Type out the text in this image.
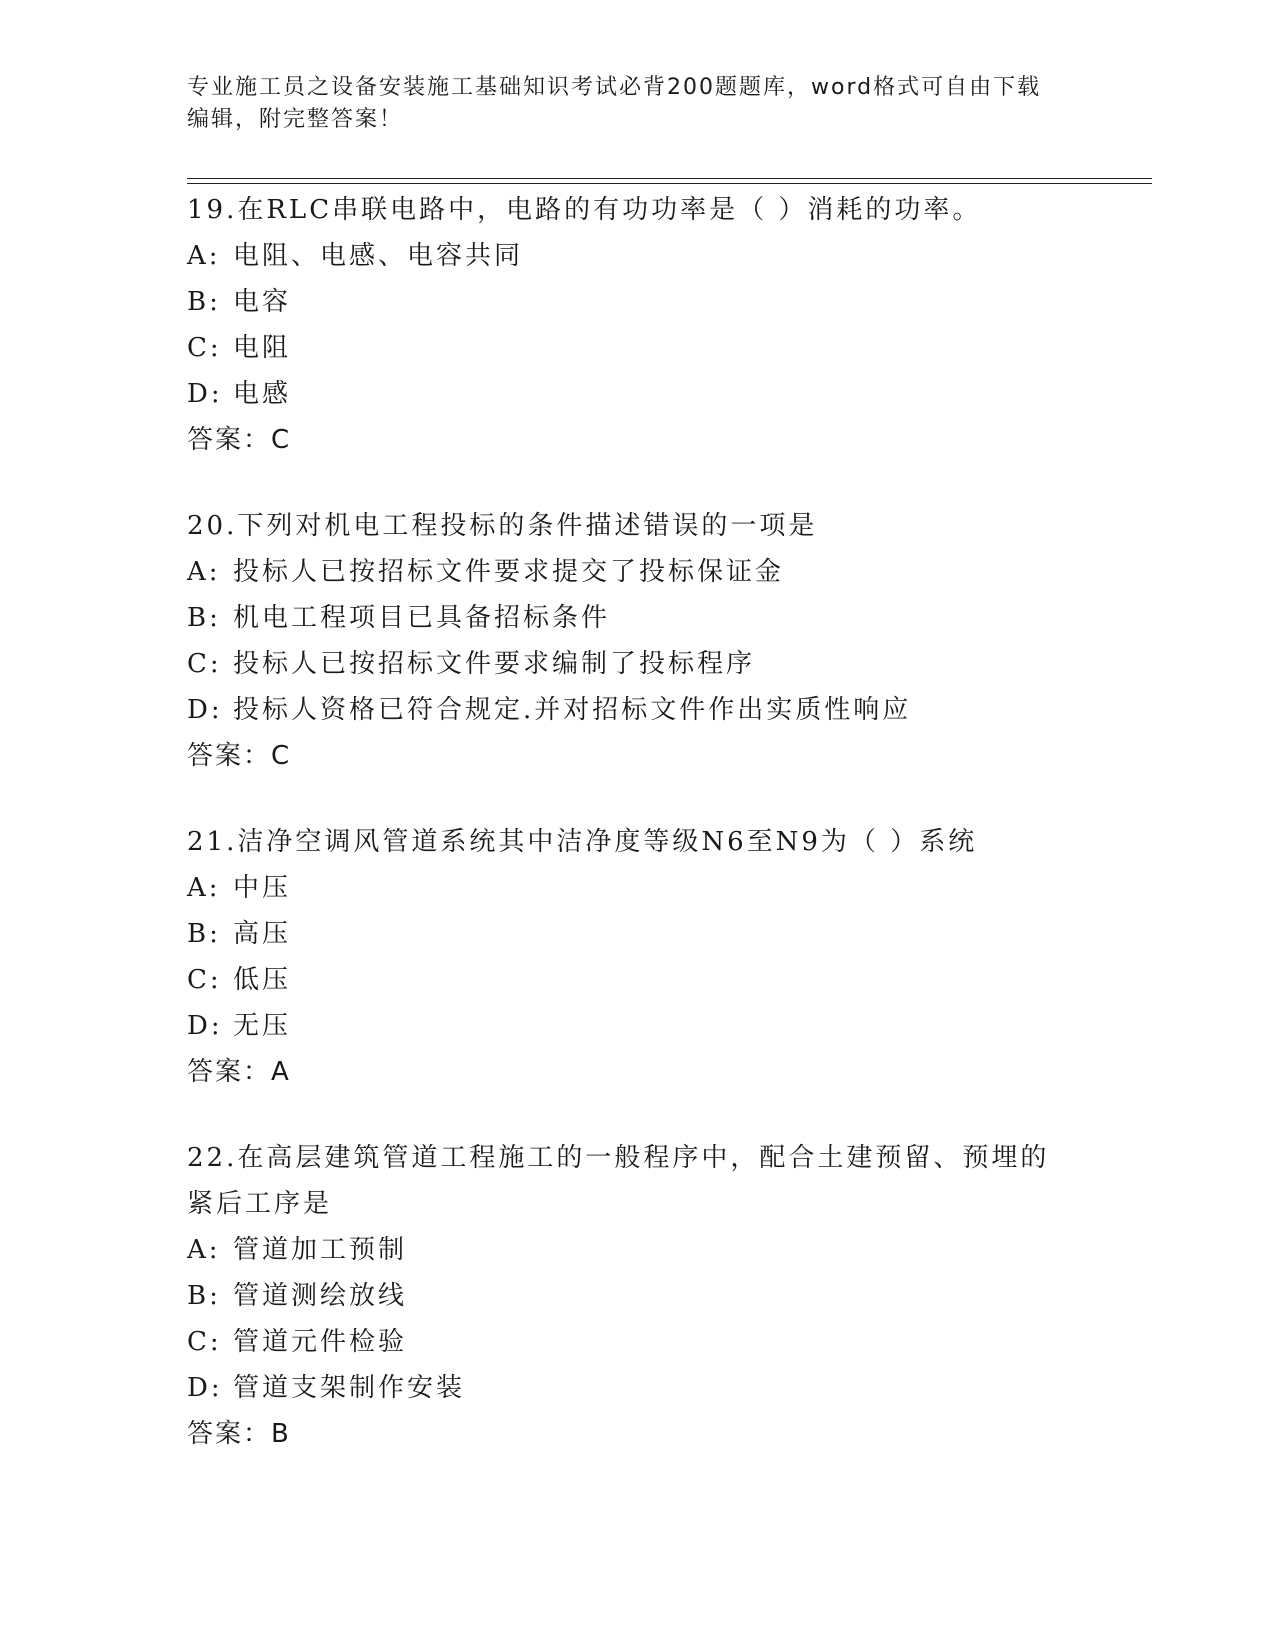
专业施工员之设备安装施工基础知识考试必背200题题库，word格式可自由下载
编辑，附完整答案！

19.在RLC串联电路中，电路的有功功率是（ ）消耗的功率。

A: 电阻、电感、电容共同
B: 电容
C: 电阻
D: 电感
答案：C

20.下列对机电工程投标的条件描述错误的一项是

A: 投标人已按招标文件要求提交了投标保证金
B: 机电工程项目已具备招标条件
C: 投标人已按招标文件要求编制了投标程序
D: 投标人资格已符合规定.并对招标文件作出实质性响应
答案：C

21.洁净空调风管道系统其中洁净度等级N6至N9为（ ）系统

A: 中压
B: 高压
C: 低压
D: 无压
答案：A

22.在高层建筑管道工程施工的一般程序中，配合土建预留、预埋的紧后工序是

A: 管道加工预制
B: 管道测绘放线
C: 管道元件检验
D: 管道支架制作安装
答案：B
